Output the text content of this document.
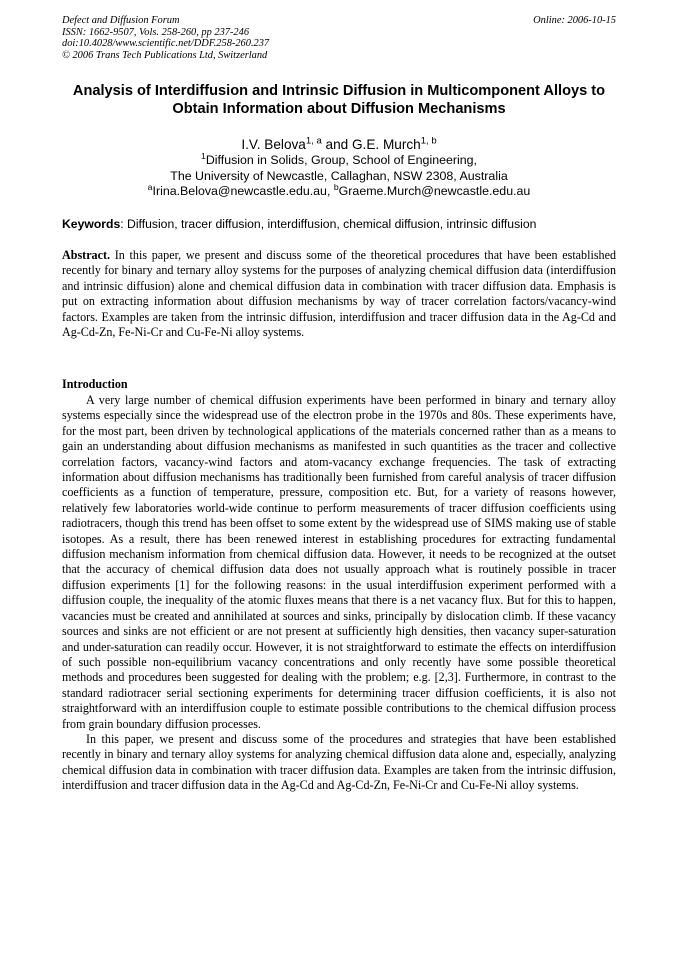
Defect and Diffusion Forum
ISSN: 1662-9507, Vols. 258-260, pp 237-246
doi:10.4028/www.scientific.net/DDF.258-260.237
© 2006 Trans Tech Publications Ltd, Switzerland
Online: 2006-10-15
Analysis of Interdiffusion and Intrinsic Diffusion in Multicomponent Alloys to Obtain Information about Diffusion Mechanisms
I.V. Belova$^{1, a}$ and G.E. Murch$^{1, b}$
$^1$Diffusion in Solids, Group, School of Engineering,
The University of Newcastle, Callaghan, NSW 2308, Australia
$^a$Irina.Belova@newcastle.edu.au, $^b$Graeme.Murch@newcastle.edu.au
Keywords: Diffusion, tracer diffusion, interdiffusion, chemical diffusion, intrinsic diffusion
Abstract. In this paper, we present and discuss some of the theoretical procedures that have been established recently for binary and ternary alloy systems for the purposes of analyzing chemical diffusion data (interdiffusion and intrinsic diffusion) alone and chemical diffusion data in combination with tracer diffusion data. Emphasis is put on extracting information about diffusion mechanisms by way of tracer correlation factors/vacancy-wind factors. Examples are taken from the intrinsic diffusion, interdiffusion and tracer diffusion data in the Ag-Cd and Ag-Cd-Zn, Fe-Ni-Cr and Cu-Fe-Ni alloy systems.
Introduction

A very large number of chemical diffusion experiments have been performed in binary and ternary alloy systems especially since the widespread use of the electron probe in the 1970s and 80s. These experiments have, for the most part, been driven by technological applications of the materials concerned rather than as a means to gain an understanding about diffusion mechanisms as manifested in such quantities as the tracer and collective correlation factors, vacancy-wind factors and atom-vacancy exchange frequencies. The task of extracting information about diffusion mechanisms has traditionally been furnished from careful analysis of tracer diffusion coefficients as a function of temperature, pressure, composition etc. But, for a variety of reasons however, relatively few laboratories world-wide continue to perform measurements of tracer diffusion coefficients using radiotracers, though this trend has been offset to some extent by the widespread use of SIMS making use of stable isotopes. As a result, there has been renewed interest in establishing procedures for extracting fundamental diffusion mechanism information from chemical diffusion data. However, it needs to be recognized at the outset that the accuracy of chemical diffusion data does not usually approach what is routinely possible in tracer diffusion experiments [1] for the following reasons: in the usual interdiffusion experiment performed with a diffusion couple, the inequality of the atomic fluxes means that there is a net vacancy flux. But for this to happen, vacancies must be created and annihilated at sources and sinks, principally by dislocation climb. If these vacancy sources and sinks are not efficient or are not present at sufficiently high densities, then vacancy super-saturation and under-saturation can readily occur. However, it is not straightforward to estimate the effects on interdiffusion of such possible non-equilibrium vacancy concentrations and only recently have some possible theoretical methods and procedures been suggested for dealing with the problem; e.g. [2,3]. Furthermore, in contrast to the standard radiotracer serial sectioning experiments for determining tracer diffusion coefficients, it is also not straightforward with an interdiffusion couple to estimate possible contributions to the chemical diffusion process from grain boundary diffusion processes.

In this paper, we present and discuss some of the procedures and strategies that have been established recently in binary and ternary alloy systems for analyzing chemical diffusion data alone and, especially, analyzing chemical diffusion data in combination with tracer diffusion data. Examples are taken from the intrinsic diffusion, interdiffusion and tracer diffusion data in the Ag-Cd and Ag-Cd-Zn, Fe-Ni-Cr and Cu-Fe-Ni alloy systems.
